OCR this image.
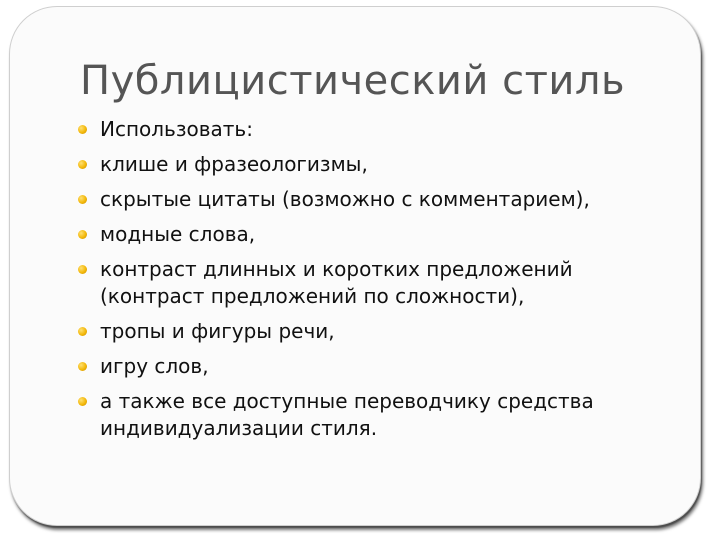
Публицистический стиль
Использовать:
клише и фразеологизмы,
скрытые цитаты (возможно с комментарием),
модные слова,
контраст длинных и коротких предложений (контраст предложений по сложности),
тропы и фигуры речи,
игру слов,
а также все доступные переводчику средства индивидуализации стиля.
